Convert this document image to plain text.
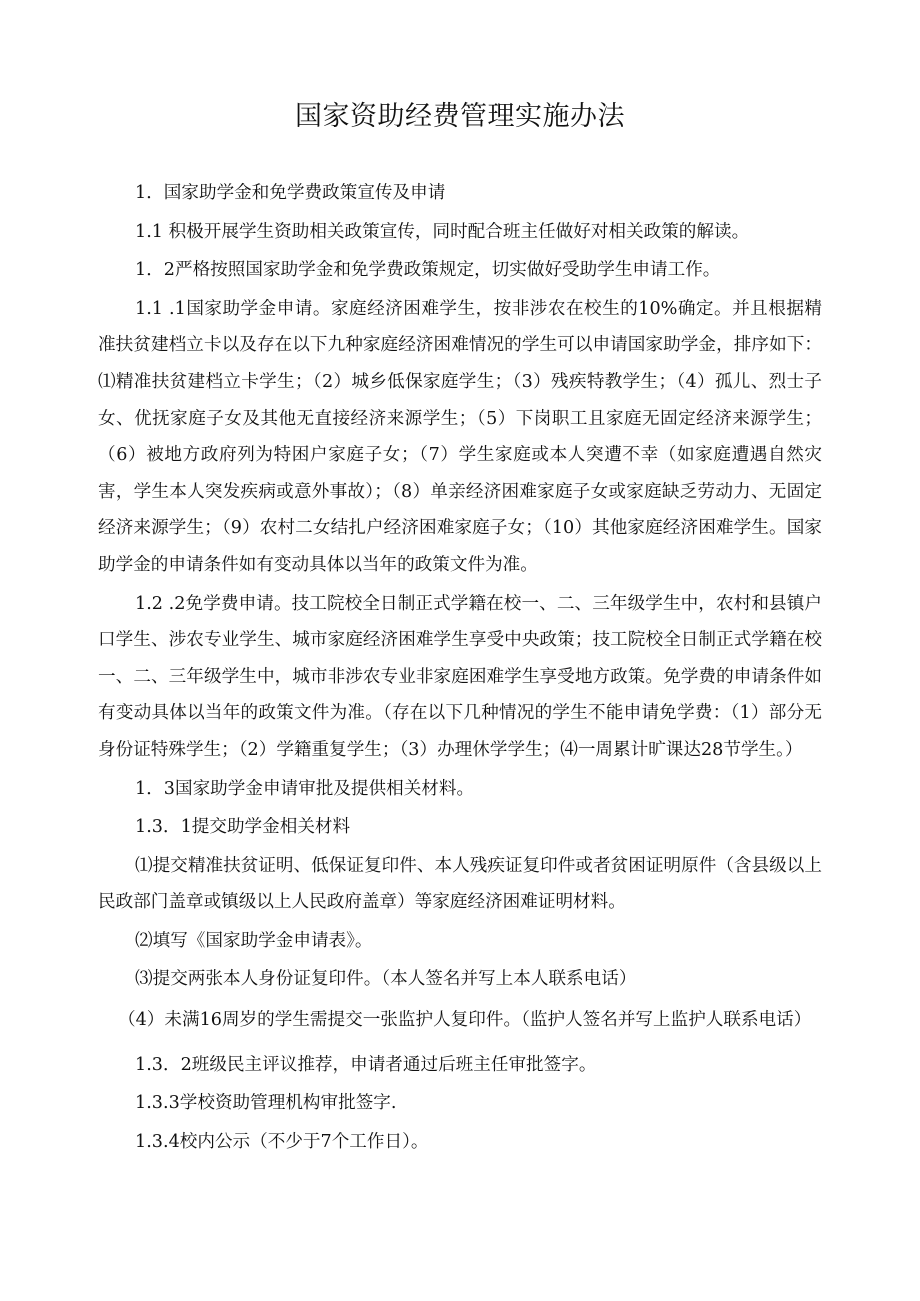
国家资助经费管理实施办法

1．国家助学金和免学费政策宣传及申请

1.1 积极开展学生资助相关政策宣传，同时配合班主任做好对相关政策的解读。

1．2严格按照国家助学金和免学费政策规定，切实做好受助学生申请工作。

1.1 .1国家助学金申请。家庭经济困难学生，按非涉农在校生的10%确定。并且根据精准扶贫建档立卡以及存在以下九种家庭经济困难情况的学生可以申请国家助学金，排序如下：⑴精准扶贫建档立卡学生；（2）城乡低保家庭学生；（3）残疾特教学生；（4）孤儿、烈士子女、优抚家庭子女及其他无直接经济来源学生；（5）下岗职工且家庭无固定经济来源学生；（6）被地方政府列为特困户家庭子女；（7）学生家庭或本人突遭不幸（如家庭遭遇自然灾害，学生本人突发疾病或意外事故）；（8）单亲经济困难家庭子女或家庭缺乏劳动力、无固定经济来源学生；（9）农村二女结扎户经济困难家庭子女；（10）其他家庭经济困难学生。国家助学金的申请条件如有变动具体以当年的政策文件为准。

1.2 .2免学费申请。技工院校全日制正式学籍在校一、二、三年级学生中，农村和县镇户口学生、涉农专业学生、城市家庭经济困难学生享受中央政策；技工院校全日制正式学籍在校一、二、三年级学生中，城市非涉农专业非家庭困难学生享受地方政策。免学费的申请条件如有变动具体以当年的政策文件为准。（存在以下几种情况的学生不能申请免学费：（1）部分无身份证特殊学生；（2）学籍重复学生；（3）办理休学学生；⑷一周累计旷课达28节学生。）

1．3国家助学金申请审批及提供相关材料。

1.3．1提交助学金相关材料

⑴提交精准扶贫证明、低保证复印件、本人残疾证复印件或者贫困证明原件（含县级以上民政部门盖章或镇级以上人民政府盖章）等家庭经济困难证明材料。

⑵填写《国家助学金申请表》。

⑶提交两张本人身份证复印件。（本人签名并写上本人联系电话）

（4）未满16周岁的学生需提交一张监护人复印件。（监护人签名并写上监护人联系电话）

1.3．2班级民主评议推荐，申请者通过后班主任审批签字。

1.3.3学校资助管理机构审批签字.

1.3.4校内公示（不少于7个工作日）。
